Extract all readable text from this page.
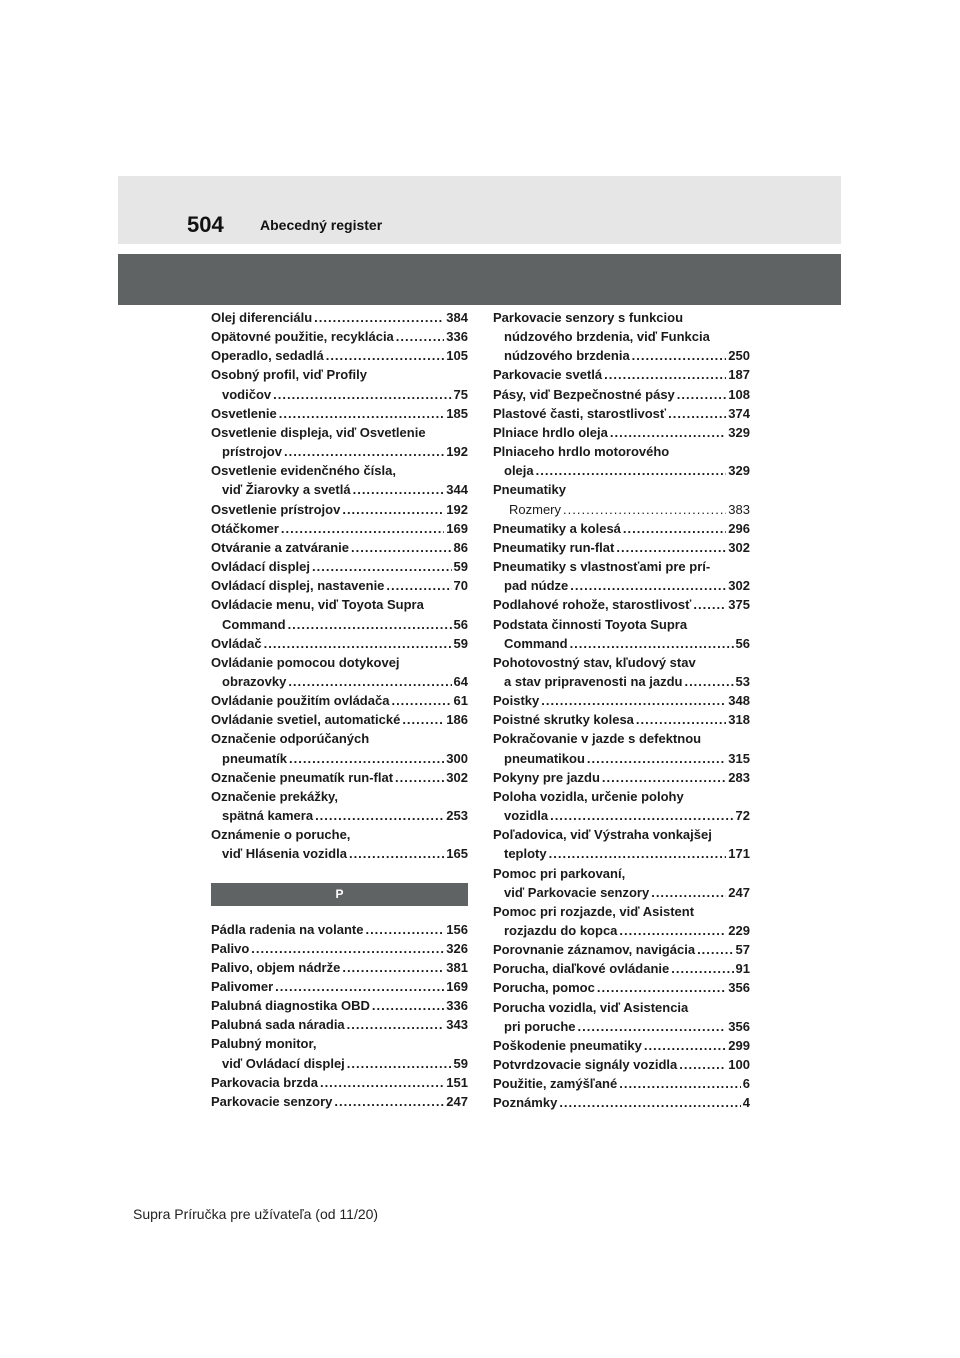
504	Abecedný register
Olej diferenciálu .....	384
Opätovné použitie, recyklácia .....	336
Operadlo, sedadlá .....	105
Osobný profil, viď Profily
vodičov .....	75
Osvetlenie .....	185
Osvetlenie displeja, viď Osvetlenie
prístrojov .....	192
Osvetlenie evidenčného čísla,
viď Žiarovky a svetlá .....	344
Osvetlenie prístrojov .....	192
Otáčkomer .....	169
Otváranie a zatváranie .....	86
Ovládací displej .....	59
Ovládací displej, nastavenie .....	70
Ovládacie menu, viď Toyota Supra
Command .....	56
Ovládač .....	59
Ovládanie pomocou dotykovej
obrazovky .....	64
Ovládanie použitím ovládača .....	61
Ovládanie svetiel, automatické .....	186
Označenie odporúčaných
pneumatík .....	300
Označenie pneumatík run-flat .....	302
Označenie prekážky,
spätná kamera .....	253
Oznámenie o poruche,
viď Hlásenia vozidla .....	165
P
Pádla radenia na volante .....	156
Palivo .....	326
Palivo, objem nádrže .....	381
Palivomer .....	169
Palubná diagnostika OBD .....	336
Palubná sada náradia .....	343
Palubný monitor,
viď Ovládací displej .....	59
Parkovacia brzda .....	151
Parkovacie senzory .....	247
Parkovacie senzory s funkciou
núdzového brzdenia, viď Funkcia
núdzového brzdenia .....	250
Parkovacie svetlá .....	187
Pásy, viď Bezpečnostné pásy .....	108
Plastové časti, starostlivosť .....	374
Plniace hrdlo oleja .....	329
Plniaceho hrdlo motorového
oleja .....	329
Pneumatiky
Rozmery .....	383
Pneumatiky a kolesá .....	296
Pneumatiky run-flat .....	302
Pneumatiky s vlastnosťami pre prí-
pad núdze .....	302
Podlahové rohože, starostlivosť .....	375
Podstata činnosti Toyota Supra
Command .....	56
Pohotovostný stav, kľudový stav
a stav pripravenosti na jazdu .....	53
Poistky .....	348
Poistné skrutky kolesa .....	318
Pokračovanie v jazde s defektnou
pneumatikou .....	315
Pokyny pre jazdu .....	283
Poloha vozidla, určenie polohy
vozidla .....	72
Poľadovica, viď Výstraha vonkajšej
teploty .....	171
Pomoc pri parkovaní,
viď Parkovacie senzory .....	247
Pomoc pri rozjazde, viď Asistent
rozjazdu do kopca .....	229
Porovnanie záznamov, navigácia .....	57
Porucha, diaľkové ovládanie .....	91
Porucha, pomoc .....	356
Porucha vozidla, viď Asistencia
pri poruche .....	356
Poškodenie pneumatiky .....	299
Potvrdzovacie signály vozidla .....	100
Použitie, zamýšľané .....	6
Poznámky .....	4
Supra Príručka pre užívateľa (od 11/20)
